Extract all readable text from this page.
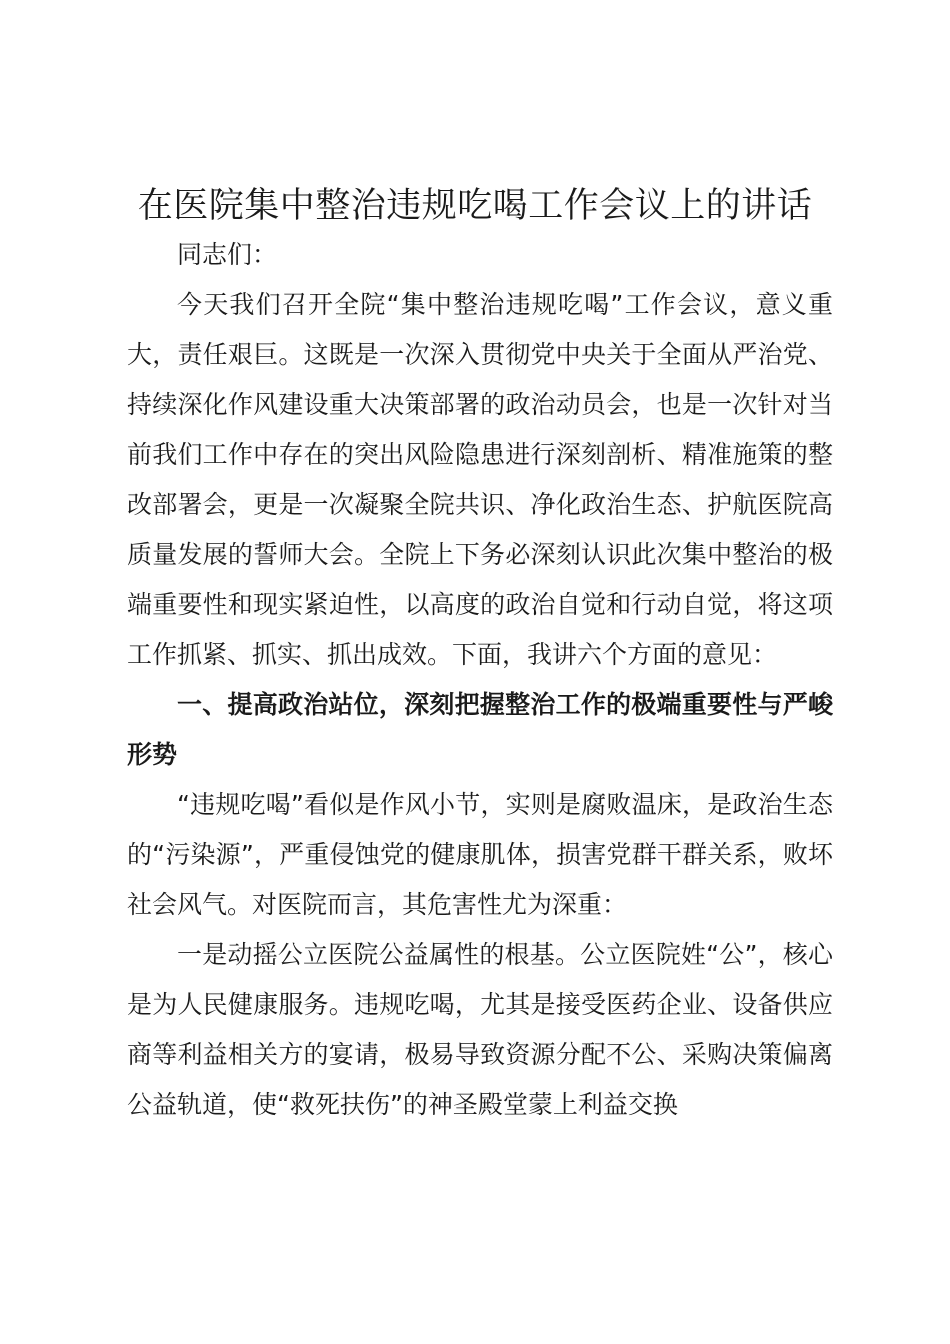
在医院集中整治违规吃喝工作会议上的讲话

同志们：

今天我们召开全院“集中整治违规吃喝”工作会议，意义重大，责任艰巨。这既是一次深入贯彻党中央关于全面从严治党、持续深化作风建设重大决策部署的政治动员会，也是一次针对当前我们工作中存在的突出风险隐患进行深刻剖析、精准施策的整改部署会，更是一次凝聚全院共识、净化政治生态、护航医院高质量发展的誓师大会。全院上下务必深刻认识此次集中整治的极端重要性和现实紧迫性，以高度的政治自觉和行动自觉，将这项工作抓紧、抓实、抓出成效。下面，我讲六个方面的意见：

一、提高政治站位，深刻把握整治工作的极端重要性与严峻形势

“违规吃喝”看似是作风小节，实则是腐败温床，是政治生态的“污染源”，严重侵蚀党的健康肌体，损害党群干群关系，败坏社会风气。对医院而言，其危害性尤为深重：

一是动摇公立医院公益属性的根基。公立医院姓“公”，核心是为人民健康服务。违规吃喝，尤其是接受医药企业、设备供应商等利益相关方的宴请，极易导致资源分配不公、采购决策偏离公益轨道，使“救死扶伤”的神圣殿堂蒙上利益交换
